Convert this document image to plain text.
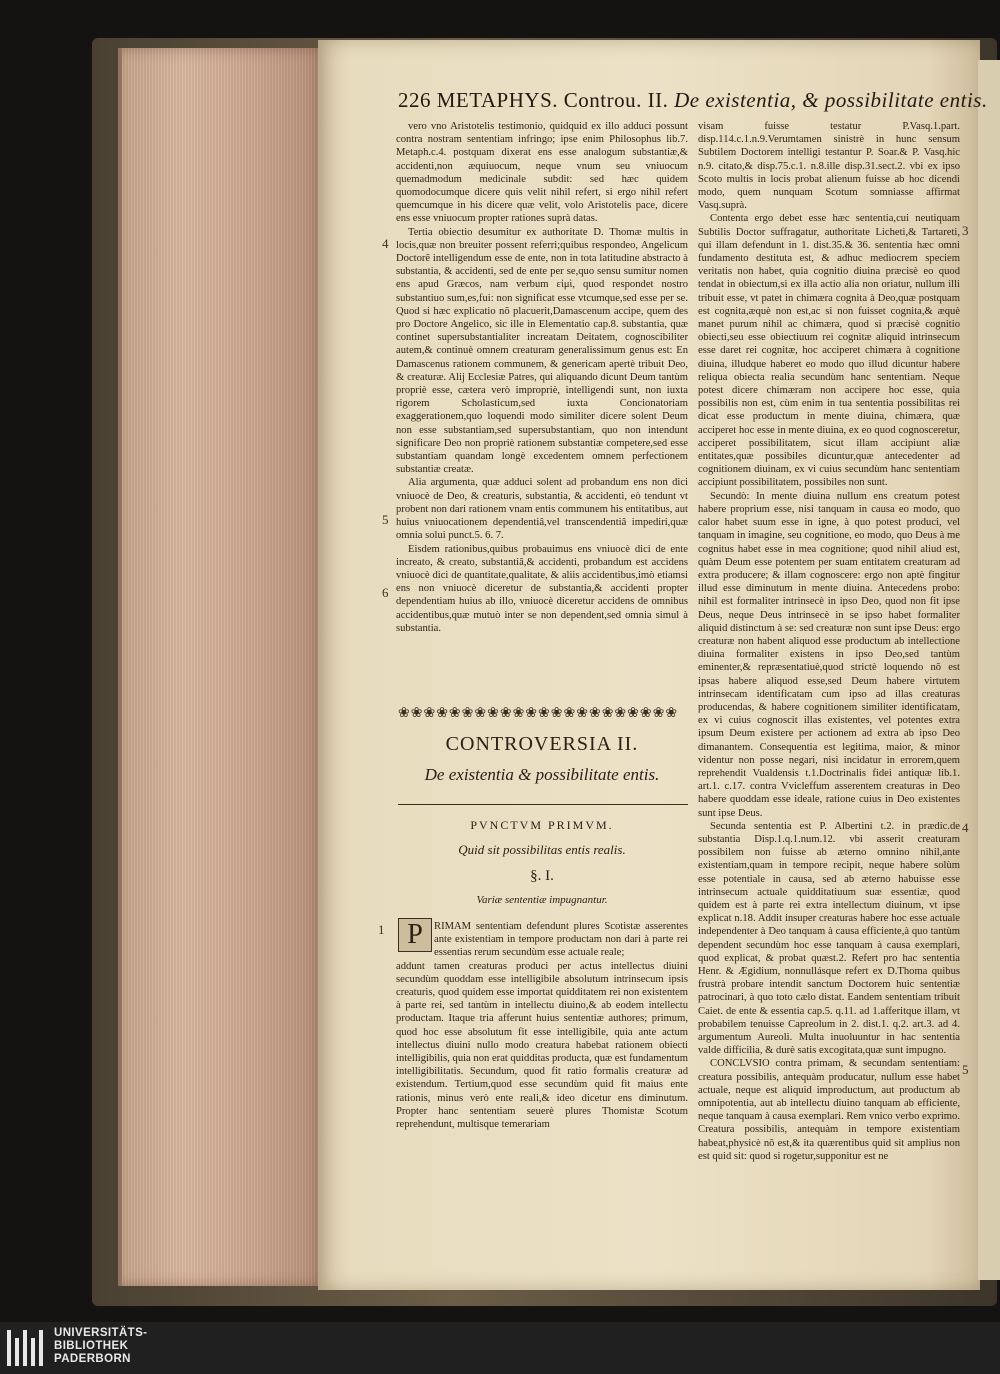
226 METAPHYS. Controu. II. De existentia, & possibilitate entis.

vero vno Aristotelis testimonio, quidquid ex illo adduci possunt contra nostram sententiam infringo; ipse enim Philosophus lib.7. Metaph.c.4. postquam dixerat ens esse analogum substantiæ,& accidenti,non æquiuocum, neque vnum seu vniuocum quemadmodum medicinale subdit: sed hæc quidem quomodocumque dicere quis velit nihil refert, si ergo nihil refert quemcumque in his dicere quæ velit, volo Aristotelis pace, dicere ens esse vniuocum propter rationes suprà datas.

Tertia obiectio desumitur ex authoritate D. Thomæ multis in locis,quæ non breuiter possent referri;quibus respondeo, Angelicum Doctorẽ intelligendum esse de ente, non in tota latitudine abstracto à substantia, & accidenti, sed de ente per se,quo sensu sumitur nomen ens apud Græcos, nam verbum εἰμὶ, quod respondet nostro substantiuo sum,es,fui: non significat esse vtcumque,sed esse per se. Quod si hæc explicatio nõ placuerit,Damascenum accipe, quem des pro Doctore Angelico, sic ille in Elementatio cap.8. substantia, quæ continet supersubstantialiter increatam Deitatem, cognoscibiliter autem,& continuè omnem creaturam generalissimum genus est: En Damascenus rationem communem, & genericam apertè tribuit Deo, & creaturæ. Alij Ecclesiæ Patres, qui aliquando dicunt Deum tantùm propriè esse, cætera verò impropriè, intelligendi sunt, non iuxta rigorem Scholasticum,sed iuxta Concionatoriam exaggerationem,quo loquendi modo similiter dicere solent Deum non esse substantiam,sed supersubstantiam, quo non intendunt significare Deo non propriè rationem substantiæ competere,sed esse substantiam quandam longè excedentem omnem perfectionem substantiæ creatæ.

Alia argumenta, quæ adduci solent ad probandum ens non dici vniuocè de Deo, & creaturis, substantia, & accidenti, eò tendunt vt probent non dari rationem vnam entis communem his entitatibus, aut huius vniuocationem dependentiâ,vel transcendentiâ impediri,quæ omnia solui punct.5. 6. 7.

Eisdem rationibus,quibus probauimus ens vniuocè dici de ente increato, & creato, substantiâ,& accidenti, probandum est accidens vniuocè dici de quantitate,qualitate, & aliis accidentibus,imò etiamsi ens non vniuocè diceretur de substantia,& accidenti propter dependentiam huius ab illo, vniuocè diceretur accidens de omnibus accidentibus,quæ mutuò inter se non dependent,sed omnia simul à substantia.

4
5
6
❀❀❀❀❀❀❀❀❀❀❀❀❀❀❀❀❀❀❀❀❀❀
CONTROVERSIA II.
De existentia & possibilitate entis.
PVNCTVM PRIMVM.
Quid sit possibilitas entis realis.
§. I.
Variæ sententiæ impugnantur.
1 P	RIMAM sententiam defendunt plures Scotistæ asserentes ante existentiam in tempore productam non dari à parte rei essentias rerum secundùm esse actuale reale;
addunt tamen creaturas produci per actus intellectus diuini secundùm quoddam esse intelligibile absolutum intrinsecum ipsis creaturis, quod quidem esse importat quidditatem rei non existentem à parte rei, sed tantùm in intellectu diuino,& ab eodem intellectu productam. Itaque tria afferunt huius sententiæ authores; primum, quod hoc esse absolutum fit esse intelligibile, quia ante actum intellectus diuini nullo modo creatura habebat rationem obiecti intelligibilis, quia non erat quidditas producta, quæ est fundamentum intelligibilitatis. Secundum, quod fit ratio formalis creaturæ ad existendum. Tertium,quod esse secundùm quid fit maius ente rationis, minus verò ente reali,& ideo dicetur ens diminutum. Propter hanc sententiam seuerè plures Thomistæ Scotum reprehendunt, multisque temerariam

visam fuisse testatur P.Vasq.1.part. disp.114.c.1.n.9.Verumtamen sinistrè in hunc sensum Subtilem Doctorem intelligi testantur P. Soar.& P. Vasq.hic n.9. citato,& disp.75.c.1. n.8.ille disp.31.sect.2. vbi ex ipso Scoto multis in locis probat alienum fuisse ab hoc dicendi modo, quem nunquam Scotum somniasse affirmat Vasq.suprà.

Contenta ergo debet esse hæc sententia,cui neutiquam Subtilis Doctor suffragatur, authoritate Licheti,& Tartareti, qui illam defendunt in 1. dist.35.& 36. sententia hæc omni fundamento destituta est, & adhuc mediocrem speciem veritatis non habet, quia cognitio diuina præcisè eo quod tendat in obiectum,si ex illa actio alia non oriatur, nullum illi tribuit esse, vt patet in chimæra cognita à Deo,quæ postquam est cognita,æquè non est,ac si non fuisset cognita,& æquè manet purum nihil ac chimæra, quod si præcisè cognitio obiecti,seu esse obiectiuum rei cognitæ aliquid intrinsecum esse daret rei cognitæ, hoc acciperet chimæra à cognitione diuina, illudque haberet eo modo quo illud dicuntur habere reliqua obiecta realia secundùm hanc sententiam. Neque potest dicere chimæram non accipere hoc esse, quia possibilis non est, cùm enim in tua sententia possibilitas rei dicat esse productum in mente diuina, chimæra, quæ acciperet hoc esse in mente diuina, ex eo quod cognosceretur, acciperet possibilitatem, sicut illam accipiunt aliæ entitates,quæ possibiles dicuntur,quæ antecedenter ad cognitionem diuinam, ex vi cuius secundùm hanc sententiam accipiunt possibilitatem, possibiles non sunt.

Secundò: In mente diuina nullum ens creatum potest habere proprium esse, nisi tanquam in causa eo modo, quo calor habet suum esse in igne, à quo potest produci, vel tanquam in imagine, seu cognitione, eo modo, quo Deus à me cognitus habet esse in mea cognitione; quod nihil aliud est, quàm Deum esse potentem per suam entitatem creaturam ad extra producere; & illam cognoscere: ergo non aptè fingitur illud esse diminutum in mente diuina. Antecedens probo: nihil est formaliter intrinsecè in ipso Deo, quod non fit ipse Deus, neque Deus intrinsecè in se ipso habet formaliter aliquid distinctum à se: sed creaturæ non sunt ipse Deus: ergo creaturæ non habent aliquod esse productum ab intellectione diuina formaliter existens in ipso Deo,sed tantùm eminenter,& repræsentatiuè,quod strictè loquendo nõ est ipsas habere aliquod esse,sed Deum habere virtutem intrinsecam identificatam cum ipso ad illas creaturas producendas, & habere cognitionem similiter identificatam, ex vi cuius cognoscit illas existentes, vel potentes extra ipsum Deum existere per actionem ad extra ab ipso Deo dimanantem. Consequentia est legitima, maior, & minor videntur non posse negari, nisi incidatur in errorem,quem reprehendit Vualdensis t.1.Doctrinalis fidei antiquæ lib.1. art.1. c.17. contra Vvicleffum asserentem creaturas in Deo habere quoddam esse ideale, ratione cuius in Deo existentes sunt ipse Deus.

Secunda sententia est P. Albertini t.2. in prædic.de substantia Disp.1.q.1.num.12. vbi asserit creaturam possibilem non fuisse ab æterno omnino nihil,ante existentiam,quam in tempore recipit, neque habere solùm esse potentiale in causa, sed ab æterno habuisse esse intrinsecum actuale quidditatiuum suæ essentiæ, quod quidem est à parte rei extra intellectum diuinum, vt ipse explicat n.18. Addit insuper creaturas habere hoc esse actuale independenter à Deo tanquam à causa efficiente,à quo tantùm dependent secundùm hoc esse tanquam à causa exemplari, quod explicat, & probat quæst.2. Refert pro hac sententia Henr. & Ægidium, nonnullásque refert ex D.Thoma quibus frustrà probare intendit sanctum Doctorem huic sententiæ patrocinari, à quo toto cælo distat. Eandem sententiam tribuit Caiet. de ente & essentia cap.5. q.11. ad 1.afferitque illam, vt probabilem tenuisse Capreolum in 2. dist.1. q.2. art.3. ad 4. argumentum Aureoli. Multa inuoluuntur in hac sententia valde difficilia, & durè satis excogitata,quæ sunt impugno.

CONCLVSIO contra primam, & secundam sententiam: creatura possibilis, antequàm producatur, nullum esse habet actuale, neque est aliquid improductum, aut productum ab omnipotentia, aut ab intellectu diuino tanquam ab efficiente, neque tanquam à causa exemplari. Rem vnico verbo exprimo. Creatura possibilis, antequàm in tempore existentiam habeat,physicè nõ est,& ita quærentibus quid sit amplius non est quid sit: quod si rogetur,supponitur est ne

3
4
5
UNIVERSITÄTS-
BIBLIOTHEK
PADERBORN
